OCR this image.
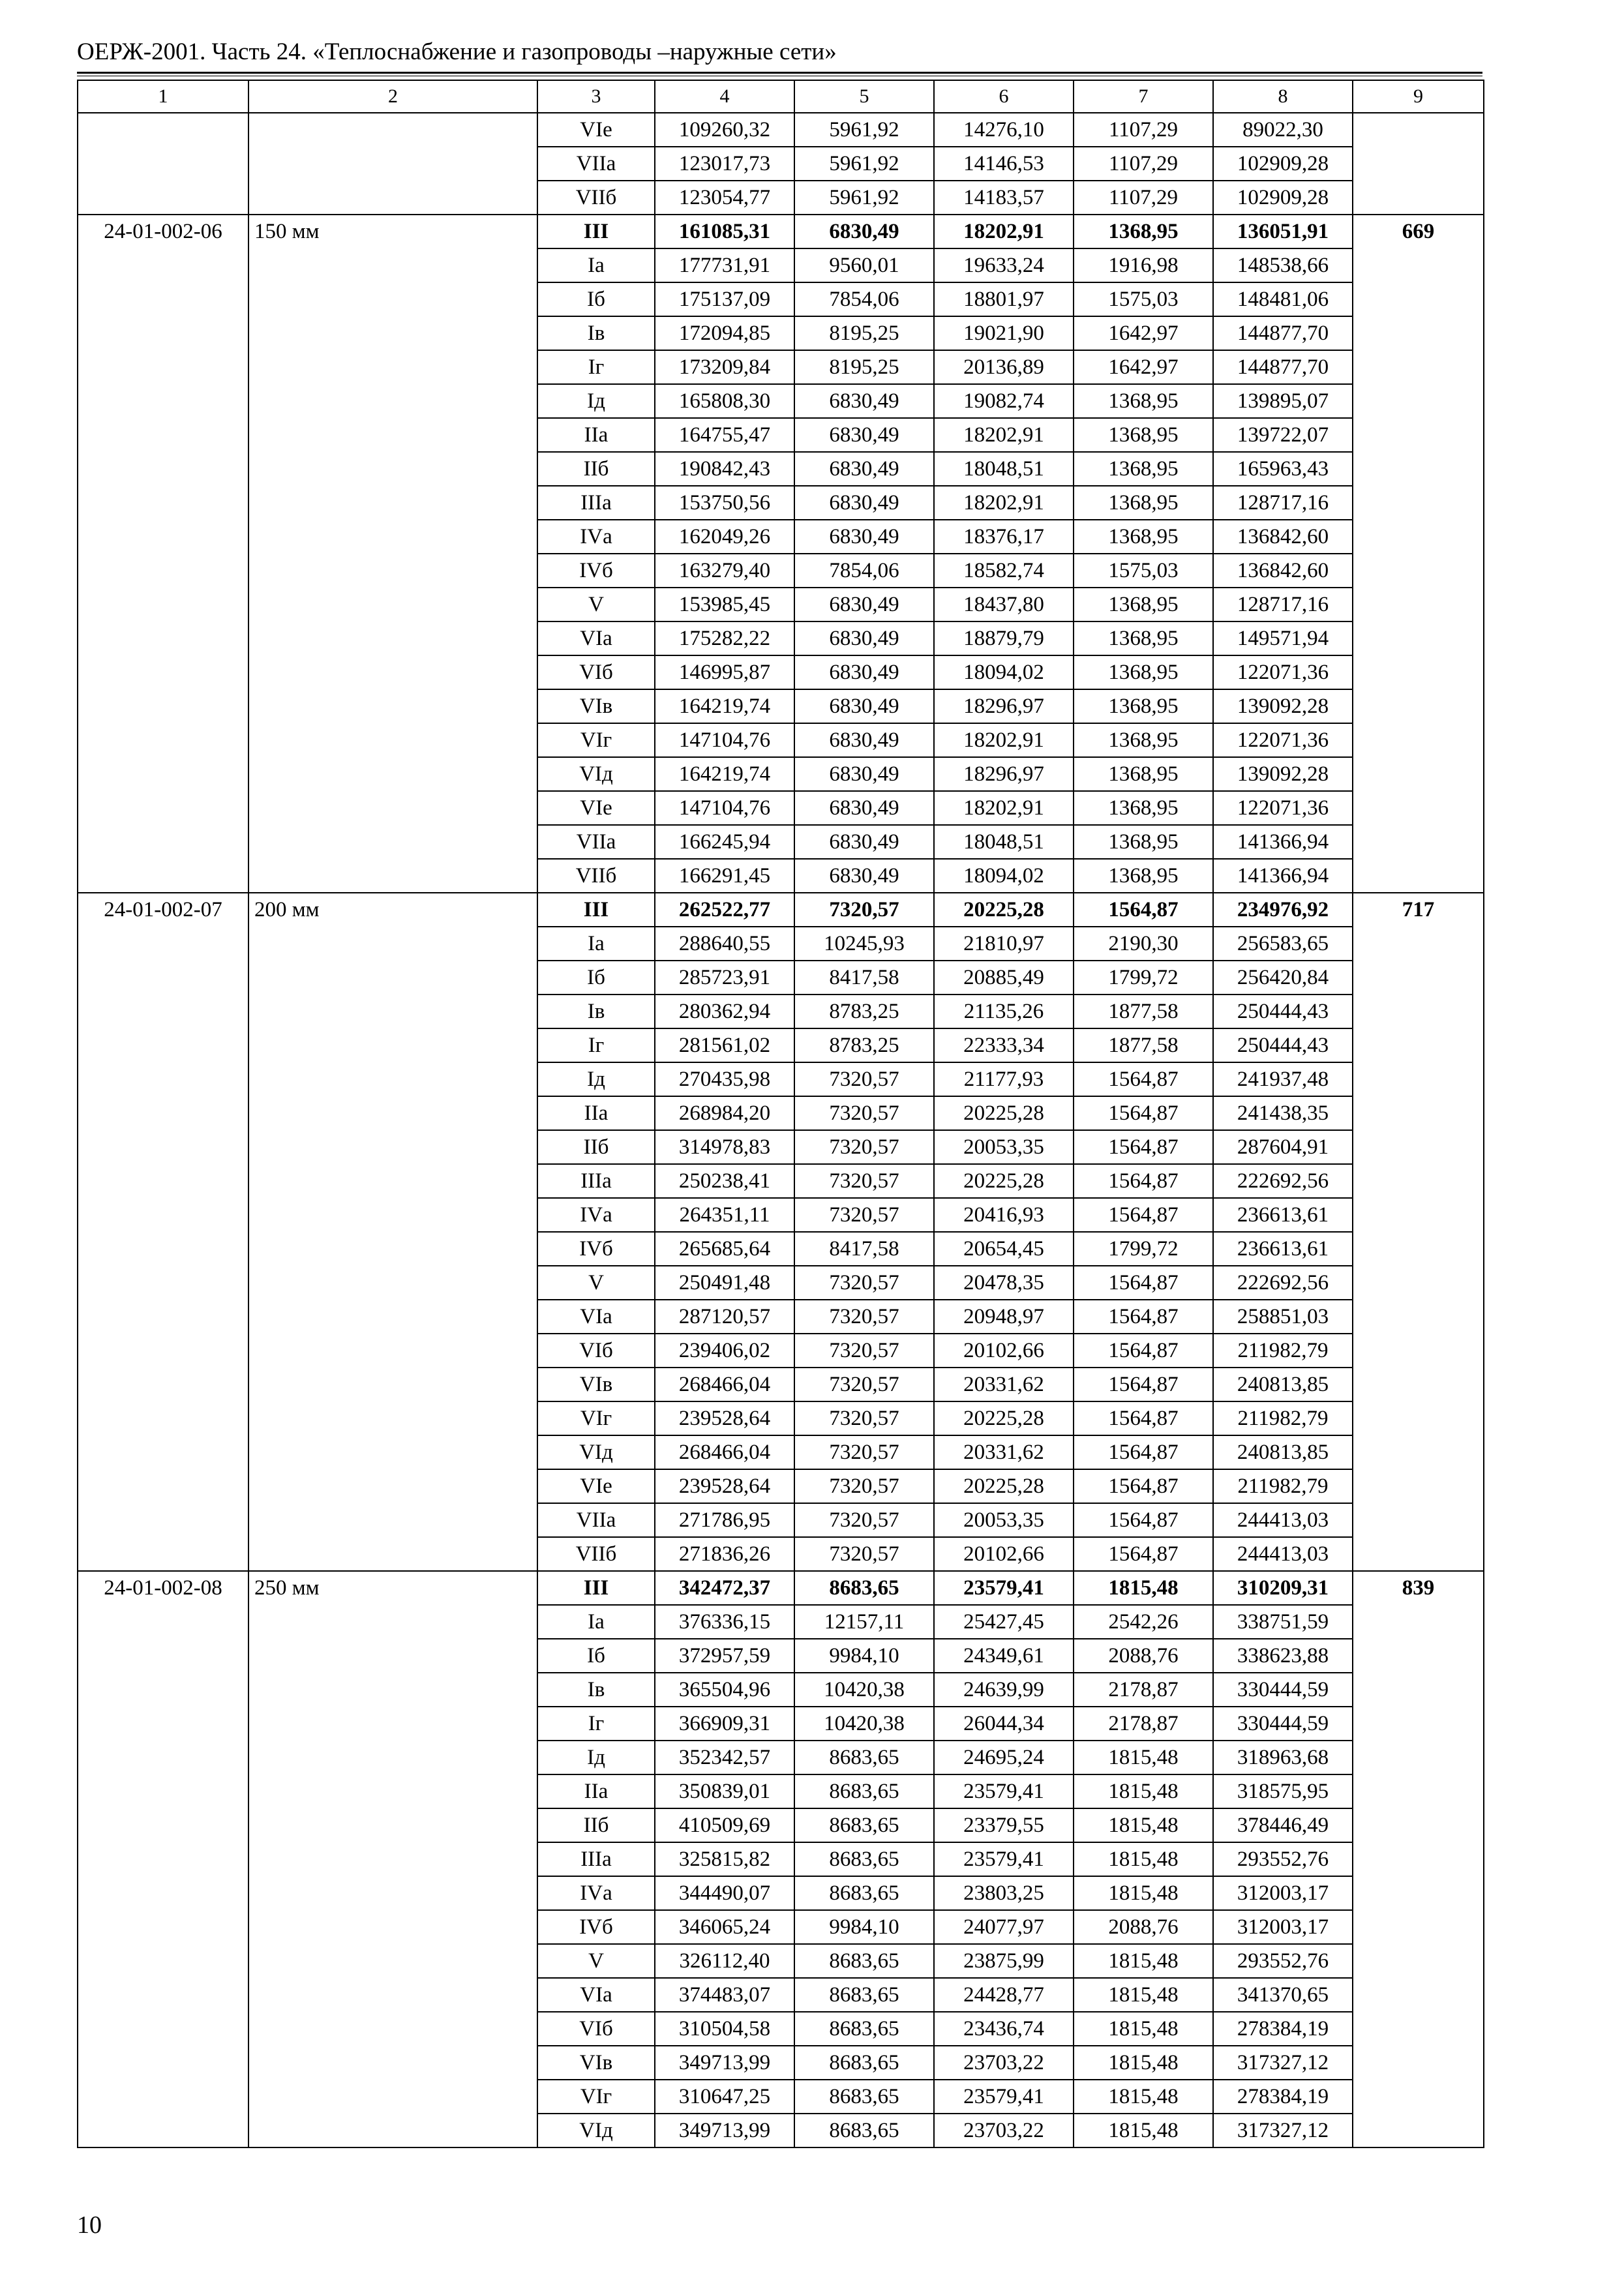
ОЕРЖ-2001. Часть 24. «Теплоснабжение и газопроводы –наружные сети»
1	2	3	4	5	6	7	8	9
		VIе	109260,32	5961,92	14276,10	1107,29	89022,30	
		VIIа	123017,73	5961,92	14146,53	1107,29	102909,28	
		VIIб	123054,77	5961,92	14183,57	1107,29	102909,28	
24-01-002-06	150 мм	III	161085,31	6830,49	18202,91	1368,95	136051,91	669
		Iа	177731,91	9560,01	19633,24	1916,98	148538,66	
		Iб	175137,09	7854,06	18801,97	1575,03	148481,06	
		Iв	172094,85	8195,25	19021,90	1642,97	144877,70	
		Iг	173209,84	8195,25	20136,89	1642,97	144877,70	
		Iд	165808,30	6830,49	19082,74	1368,95	139895,07	
		IIа	164755,47	6830,49	18202,91	1368,95	139722,07	
		IIб	190842,43	6830,49	18048,51	1368,95	165963,43	
		IIIа	153750,56	6830,49	18202,91	1368,95	128717,16	
		IVа	162049,26	6830,49	18376,17	1368,95	136842,60	
		IVб	163279,40	7854,06	18582,74	1575,03	136842,60	
		V	153985,45	6830,49	18437,80	1368,95	128717,16	
		VIа	175282,22	6830,49	18879,79	1368,95	149571,94	
		VIб	146995,87	6830,49	18094,02	1368,95	122071,36	
		VIв	164219,74	6830,49	18296,97	1368,95	139092,28	
		VIг	147104,76	6830,49	18202,91	1368,95	122071,36	
		VIд	164219,74	6830,49	18296,97	1368,95	139092,28	
		VIе	147104,76	6830,49	18202,91	1368,95	122071,36	
		VIIа	166245,94	6830,49	18048,51	1368,95	141366,94	
		VIIб	166291,45	6830,49	18094,02	1368,95	141366,94	
24-01-002-07	200 мм	III	262522,77	7320,57	20225,28	1564,87	234976,92	717
		Iа	288640,55	10245,93	21810,97	2190,30	256583,65	
		Iб	285723,91	8417,58	20885,49	1799,72	256420,84	
		Iв	280362,94	8783,25	21135,26	1877,58	250444,43	
		Iг	281561,02	8783,25	22333,34	1877,58	250444,43	
		Iд	270435,98	7320,57	21177,93	1564,87	241937,48	
		IIа	268984,20	7320,57	20225,28	1564,87	241438,35	
		IIб	314978,83	7320,57	20053,35	1564,87	287604,91	
		IIIа	250238,41	7320,57	20225,28	1564,87	222692,56	
		IVа	264351,11	7320,57	20416,93	1564,87	236613,61	
		IVб	265685,64	8417,58	20654,45	1799,72	236613,61	
		V	250491,48	7320,57	20478,35	1564,87	222692,56	
		VIа	287120,57	7320,57	20948,97	1564,87	258851,03	
		VIб	239406,02	7320,57	20102,66	1564,87	211982,79	
		VIв	268466,04	7320,57	20331,62	1564,87	240813,85	
		VIг	239528,64	7320,57	20225,28	1564,87	211982,79	
		VIд	268466,04	7320,57	20331,62	1564,87	240813,85	
		VIе	239528,64	7320,57	20225,28	1564,87	211982,79	
		VIIа	271786,95	7320,57	20053,35	1564,87	244413,03	
		VIIб	271836,26	7320,57	20102,66	1564,87	244413,03	
24-01-002-08	250 мм	III	342472,37	8683,65	23579,41	1815,48	310209,31	839
		Iа	376336,15	12157,11	25427,45	2542,26	338751,59	
		Iб	372957,59	9984,10	24349,61	2088,76	338623,88	
		Iв	365504,96	10420,38	24639,99	2178,87	330444,59	
		Iг	366909,31	10420,38	26044,34	2178,87	330444,59	
		Iд	352342,57	8683,65	24695,24	1815,48	318963,68	
		IIа	350839,01	8683,65	23579,41	1815,48	318575,95	
		IIб	410509,69	8683,65	23379,55	1815,48	378446,49	
		IIIа	325815,82	8683,65	23579,41	1815,48	293552,76	
		IVа	344490,07	8683,65	23803,25	1815,48	312003,17	
		IVб	346065,24	9984,10	24077,97	2088,76	312003,17	
		V	326112,40	8683,65	23875,99	1815,48	293552,76	
		VIа	374483,07	8683,65	24428,77	1815,48	341370,65	
		VIб	310504,58	8683,65	23436,74	1815,48	278384,19	
		VIв	349713,99	8683,65	23703,22	1815,48	317327,12	
		VIг	310647,25	8683,65	23579,41	1815,48	278384,19	
		VIд	349713,99	8683,65	23703,22	1815,48	317327,12	
10
